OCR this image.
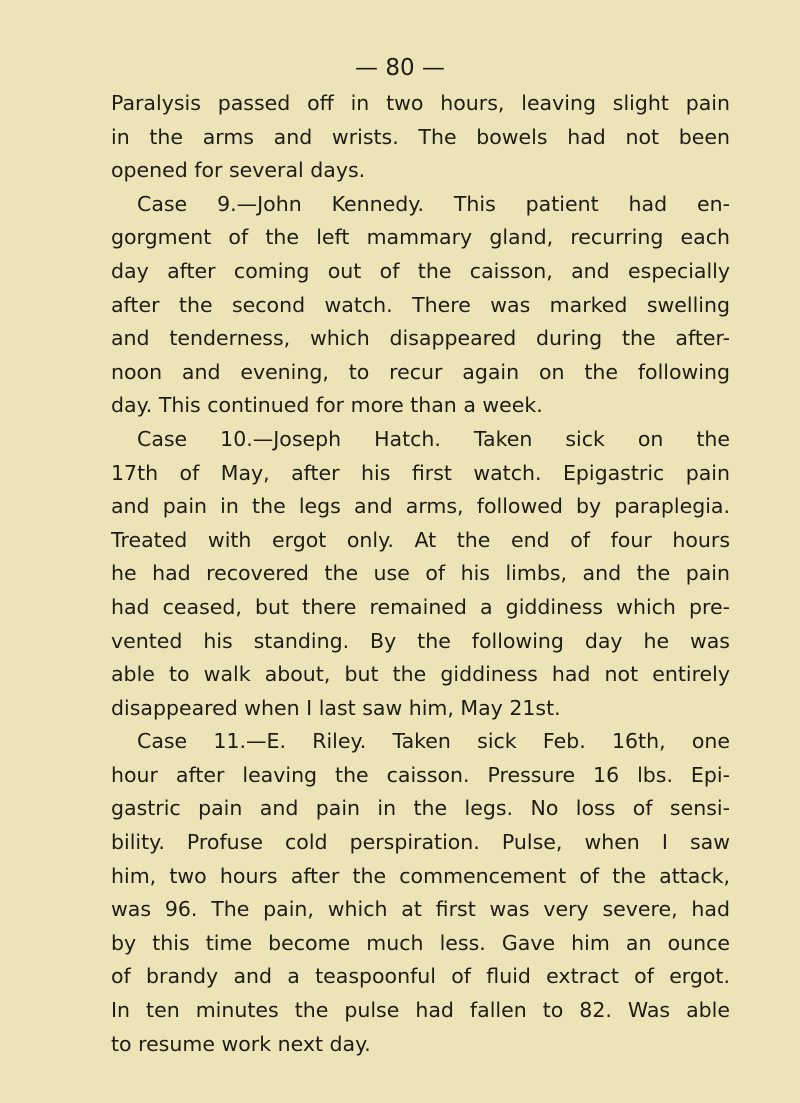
— 80 —
Paralysis passed off in two hours, leaving slight pain
in the arms and wrists. The bowels had not been
opened for several days.
Case 9.—John Kennedy. This patient had en-
gorgment of the left mammary gland, recurring each
day after coming out of the caisson, and especially
after the second watch. There was marked swelling
and tenderness, which disappeared during the after-
noon and evening, to recur again on the following
day. This continued for more than a week.
Case 10.—Joseph Hatch. Taken sick on the
17th of May, after his first watch. Epigastric pain
and pain in the legs and arms, followed by paraplegia.
Treated with ergot only. At the end of four hours
he had recovered the use of his limbs, and the pain
had ceased, but there remained a giddiness which pre-
vented his standing. By the following day he was
able to walk about, but the giddiness had not entirely
disappeared when I last saw him, May 21st.
Case 11.—E. Riley. Taken sick Feb. 16th, one
hour after leaving the caisson. Pressure 16 lbs. Epi-
gastric pain and pain in the legs. No loss of sensi-
bility. Profuse cold perspiration. Pulse, when I saw
him, two hours after the commencement of the attack,
was 96. The pain, which at first was very severe, had
by this time become much less. Gave him an ounce
of brandy and a teaspoonful of fluid extract of ergot.
In ten minutes the pulse had fallen to 82. Was able
to resume work next day.
